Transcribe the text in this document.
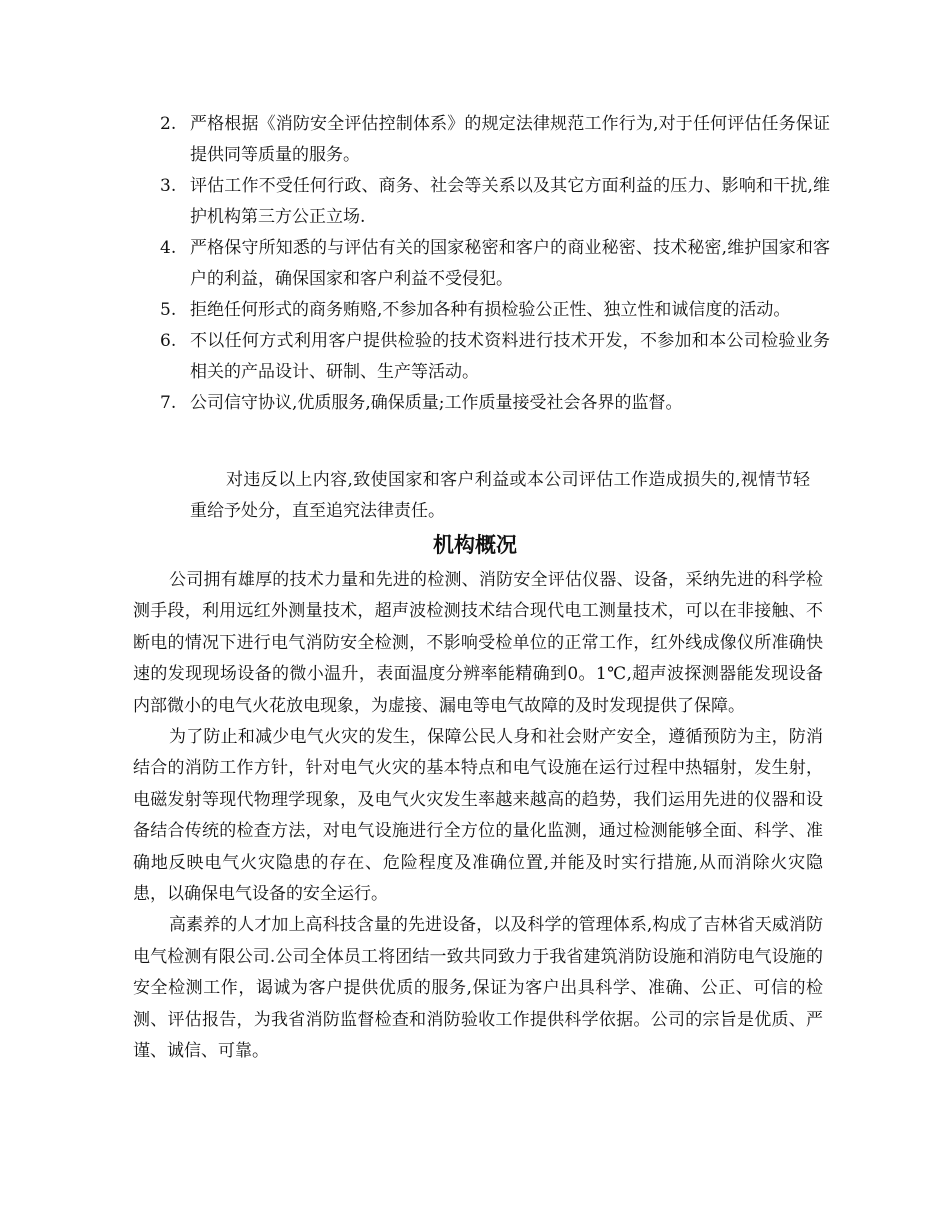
2. 严格根据《消防安全评估控制体系》的规定法律规范工作行为,对于任何评估任务保证提供同等质量的服务。
3. 评估工作不受任何行政、商务、社会等关系以及其它方面利益的压力、影响和干扰,维护机构第三方公正立场.
4. 严格保守所知悉的与评估有关的国家秘密和客户的商业秘密、技术秘密,维护国家和客户的利益，确保国家和客户利益不受侵犯。
5. 拒绝任何形式的商务贿赂,不参加各种有损检验公正性、独立性和诚信度的活动。
6. 不以任何方式利用客户提供检验的技术资料进行技术开发，不参加和本公司检验业务相关的产品设计、研制、生产等活动。
7. 公司信守协议,优质服务,确保质量;工作质量接受社会各界的监督。

对违反以上内容,致使国家和客户利益或本公司评估工作造成损失的,视情节轻重给予处分，直至追究法律责任。

机构概况

公司拥有雄厚的技术力量和先进的检测、消防安全评估仪器、设备，采纳先进的科学检测手段，利用远红外测量技术，超声波检测技术结合现代电工测量技术，可以在非接触、不断电的情况下进行电气消防安全检测，不影响受检单位的正常工作，红外线成像仪所准确快速的发现现场设备的微小温升，表面温度分辨率能精确到0。1℃,超声波探测器能发现设备内部微小的电气火花放电现象，为虚接、漏电等电气故障的及时发现提供了保障。

为了防止和减少电气火灾的发生，保障公民人身和社会财产安全，遵循预防为主，防消结合的消防工作方针，针对电气火灾的基本特点和电气设施在运行过程中热辐射，发生射，电磁发射等现代物理学现象，及电气火灾发生率越来越高的趋势，我们运用先进的仪器和设备结合传统的检查方法，对电气设施进行全方位的量化监测，通过检测能够全面、科学、准确地反映电气火灾隐患的存在、危险程度及准确位置,并能及时实行措施,从而消除火灾隐患，以确保电气设备的安全运行。

高素养的人才加上高科技含量的先进设备，以及科学的管理体系,构成了吉林省天威消防电气检测有限公司.公司全体员工将团结一致共同致力于我省建筑消防设施和消防电气设施的安全检测工作，谒诚为客户提供优质的服务,保证为客户出具科学、准确、公正、可信的检测、评估报告，为我省消防监督检查和消防验收工作提供科学依据。公司的宗旨是优质、严谨、诚信、可靠。
